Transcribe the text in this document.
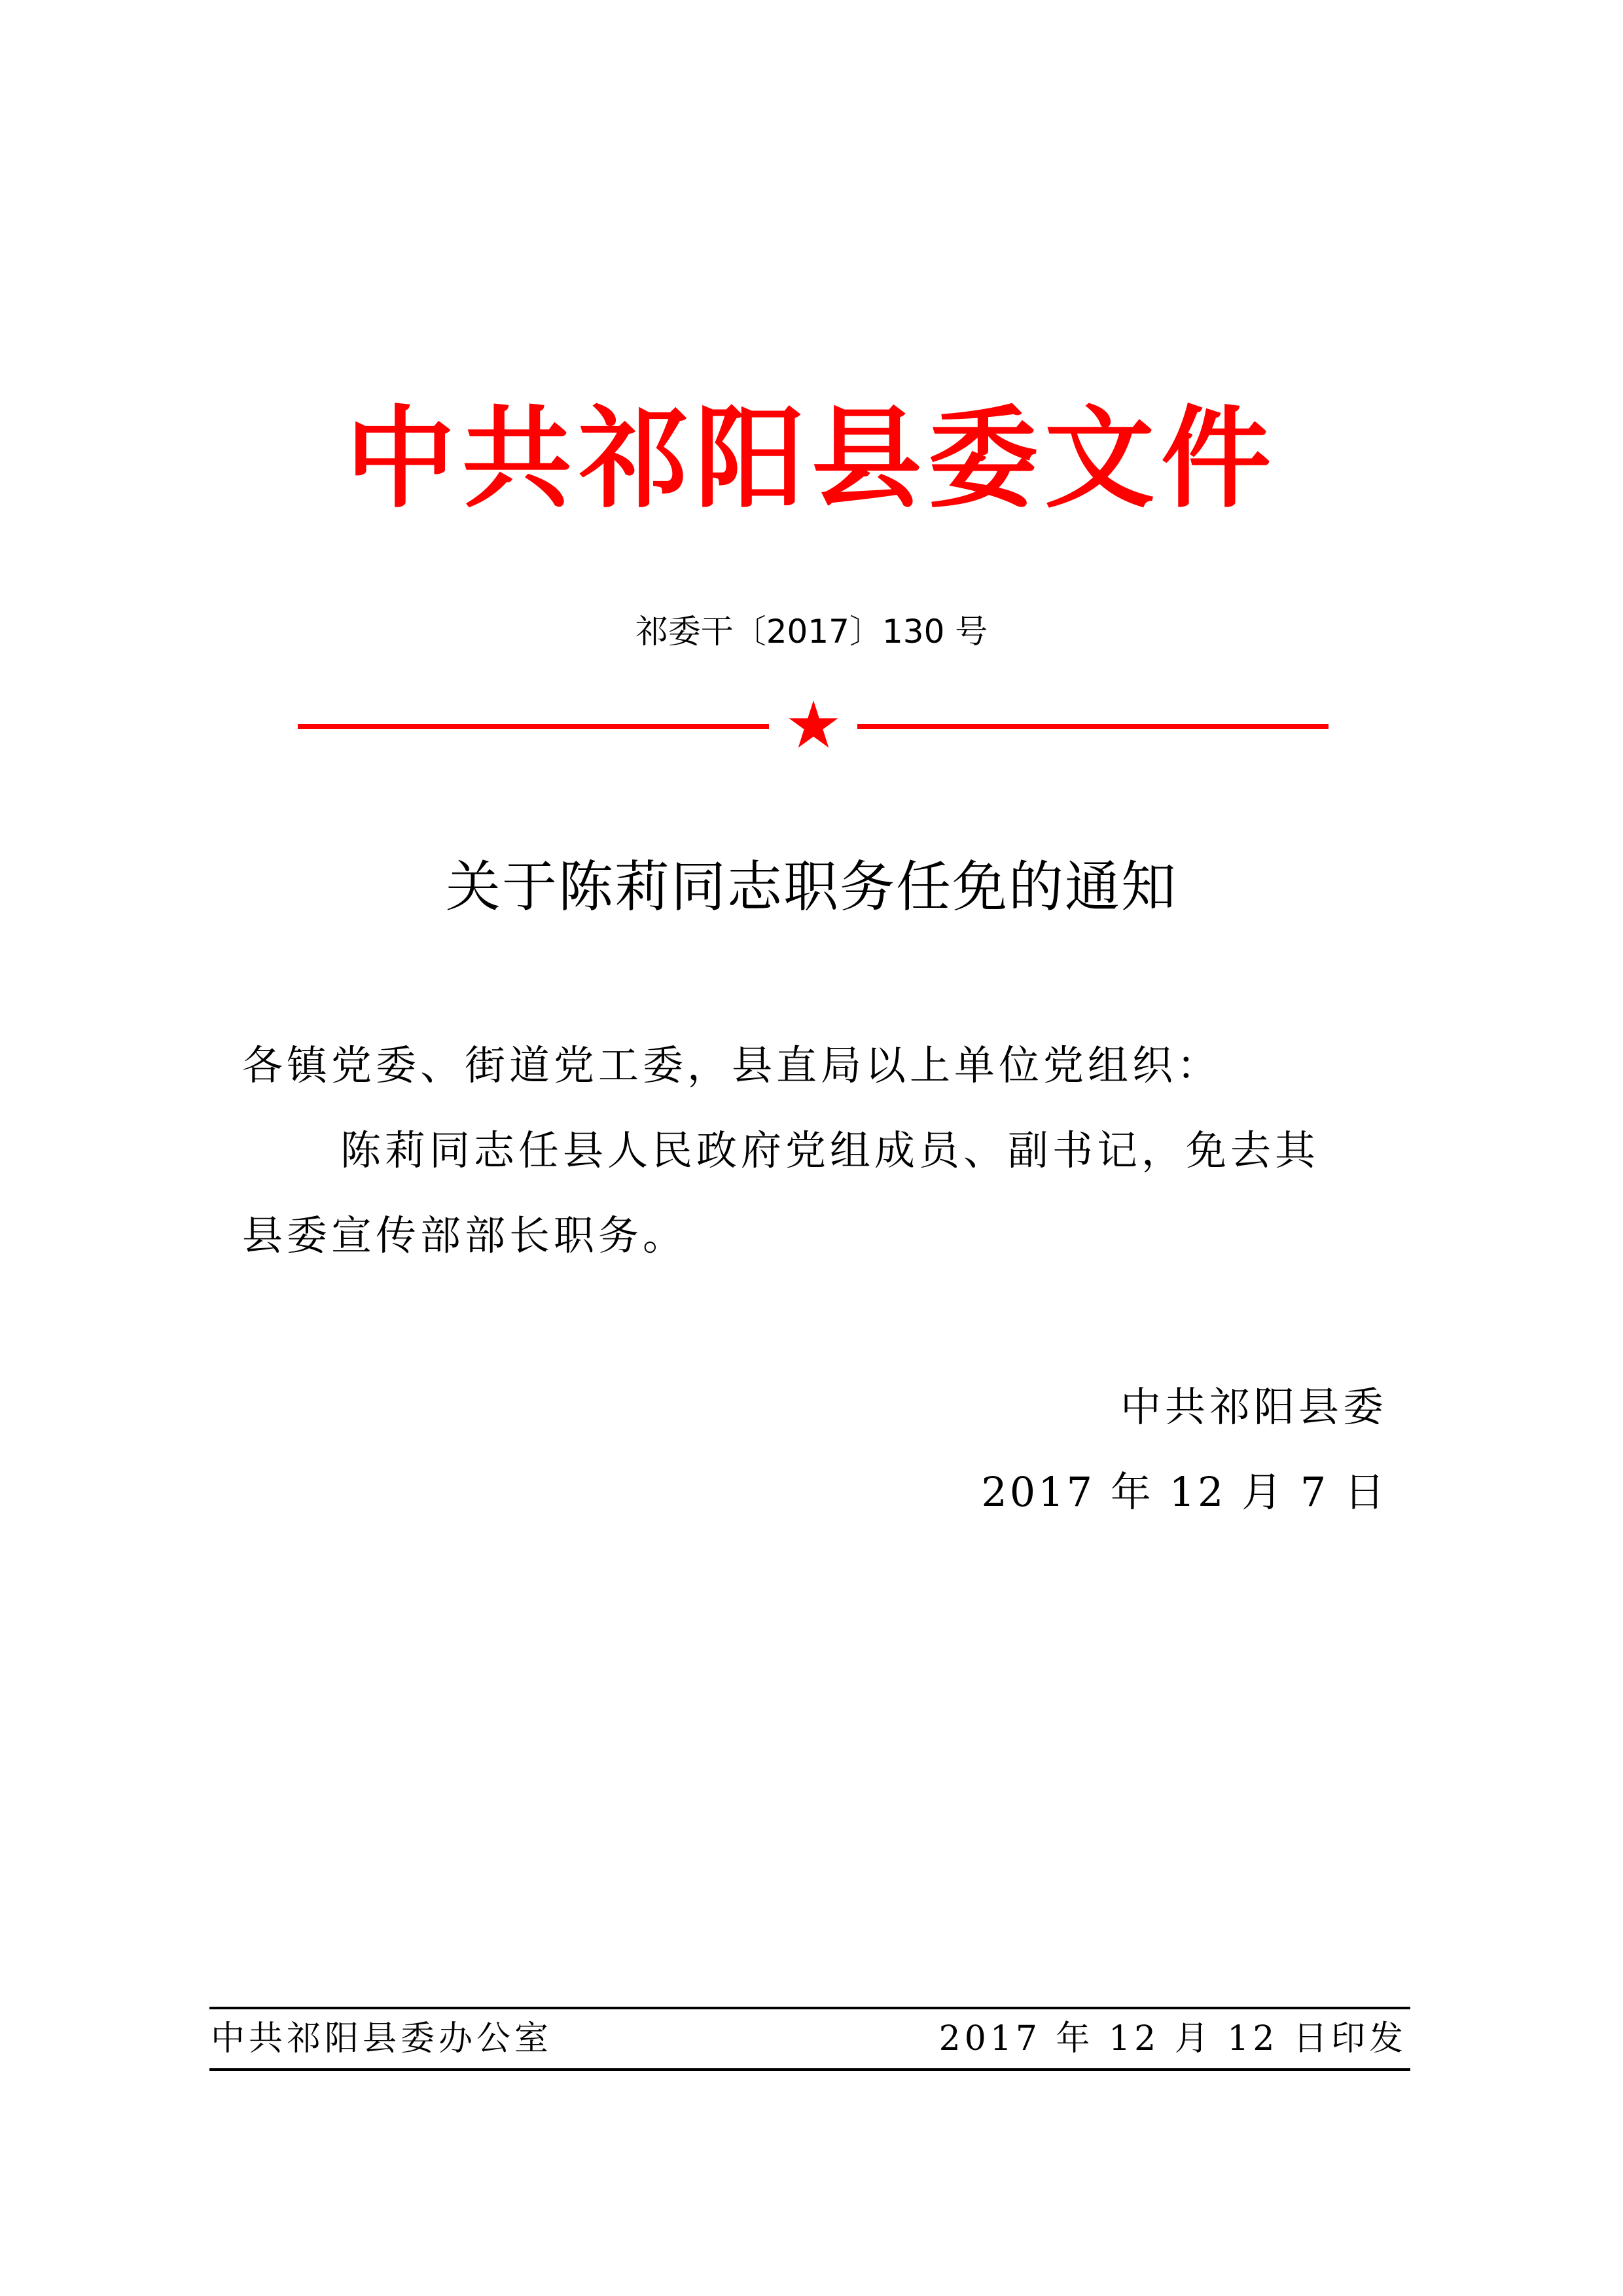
中共祁阳县委文件
祁委干〔2017〕130 号
关于陈莉同志职务任免的通知
各镇党委、街道党工委，县直局以上单位党组织：
陈莉同志任县人民政府党组成员、副书记，免去其
县委宣传部部长职务。
中共祁阳县委
2017 年 12 月 7 日
中共祁阳县委办公室	2017 年 12 月 12 日印发
